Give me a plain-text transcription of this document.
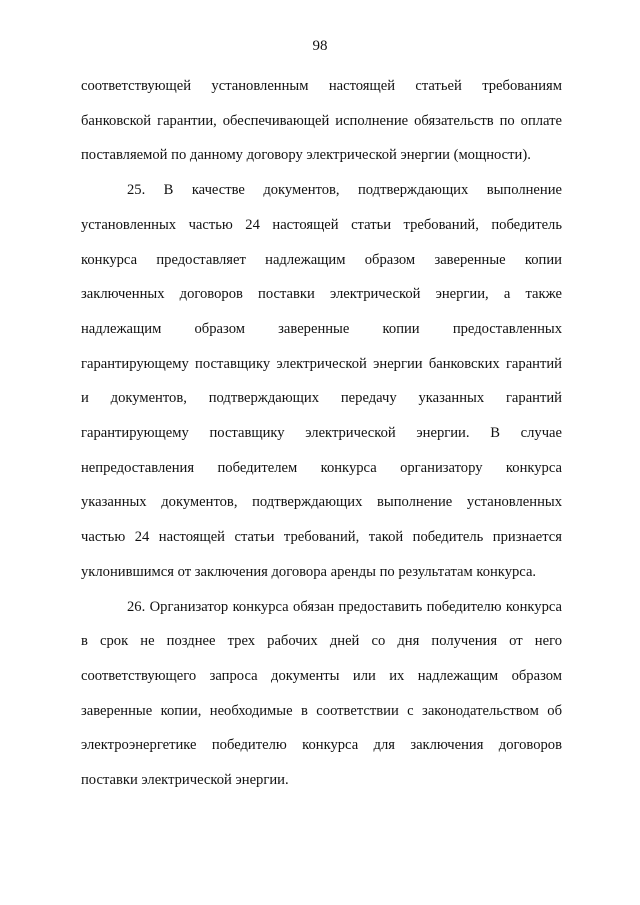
98

соответствующей установленным настоящей статьей требованиям
банковской гарантии, обеспечивающей исполнение обязательств по оплате
поставляемой по данному договору электрической энергии (мощности).

25. В качестве документов, подтверждающих выполнение
установленных частью 24 настоящей статьи требований, победитель
конкурса предоставляет надлежащим образом заверенные копии
заключенных договоров поставки электрической энергии, а также
надлежащим образом заверенные копии предоставленных
гарантирующему поставщику электрической энергии банковских гарантий
и документов, подтверждающих передачу указанных гарантий
гарантирующему поставщику электрической энергии. В случае
непредоставления победителем конкурса организатору конкурса
указанных документов, подтверждающих выполнение установленных
частью 24 настоящей статьи требований, такой победитель признается
уклонившимся от заключения договора аренды по результатам конкурса.

26. Организатор конкурса обязан предоставить победителю конкурса
в срок не позднее трех рабочих дней со дня получения от него
соответствующего запроса документы или их надлежащим образом
заверенные копии, необходимые в соответствии с законодательством об
электроэнергетике победителю конкурса для заключения договоров
поставки электрической энергии.
